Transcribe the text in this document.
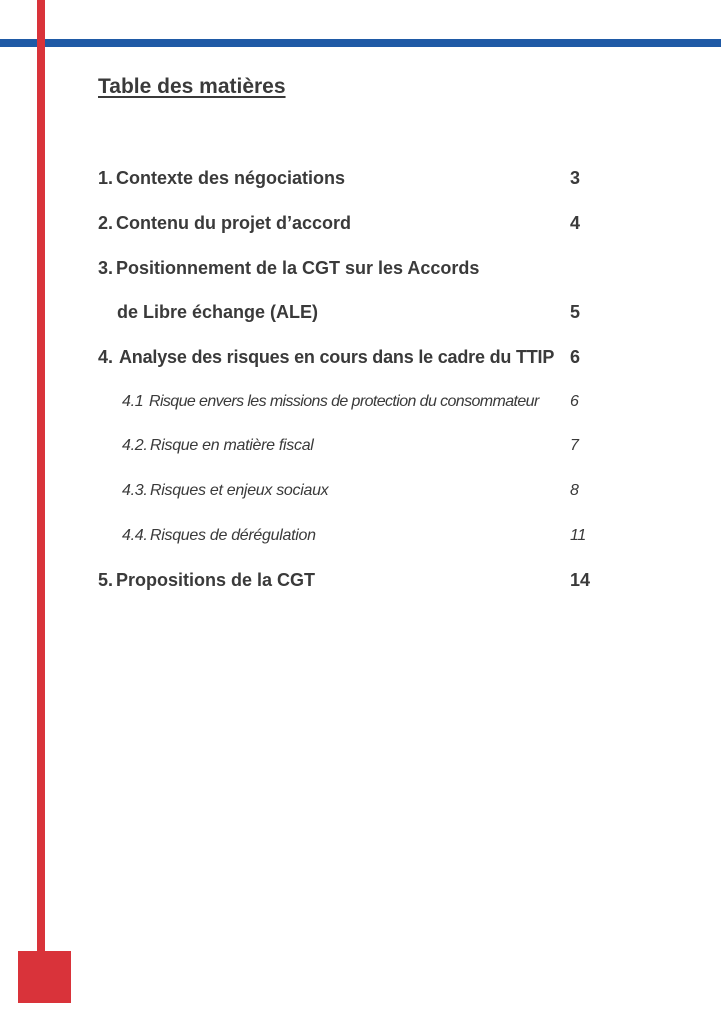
Table des matières
1. Contexte des négociations	3
2. Contenu du projet d’accord	4
3. Positionnement de la CGT sur les Accords
de Libre échange (ALE)	5
4. Analyse des risques en cours dans le cadre du TTIP 6
4.1 Risque envers les missions de protection du consommateur 6
4.2. Risque en matière fiscal	7
4.3. Risques et enjeux sociaux	8
4.4. Risques de dérégulation	11
5. Propositions de la CGT	14
